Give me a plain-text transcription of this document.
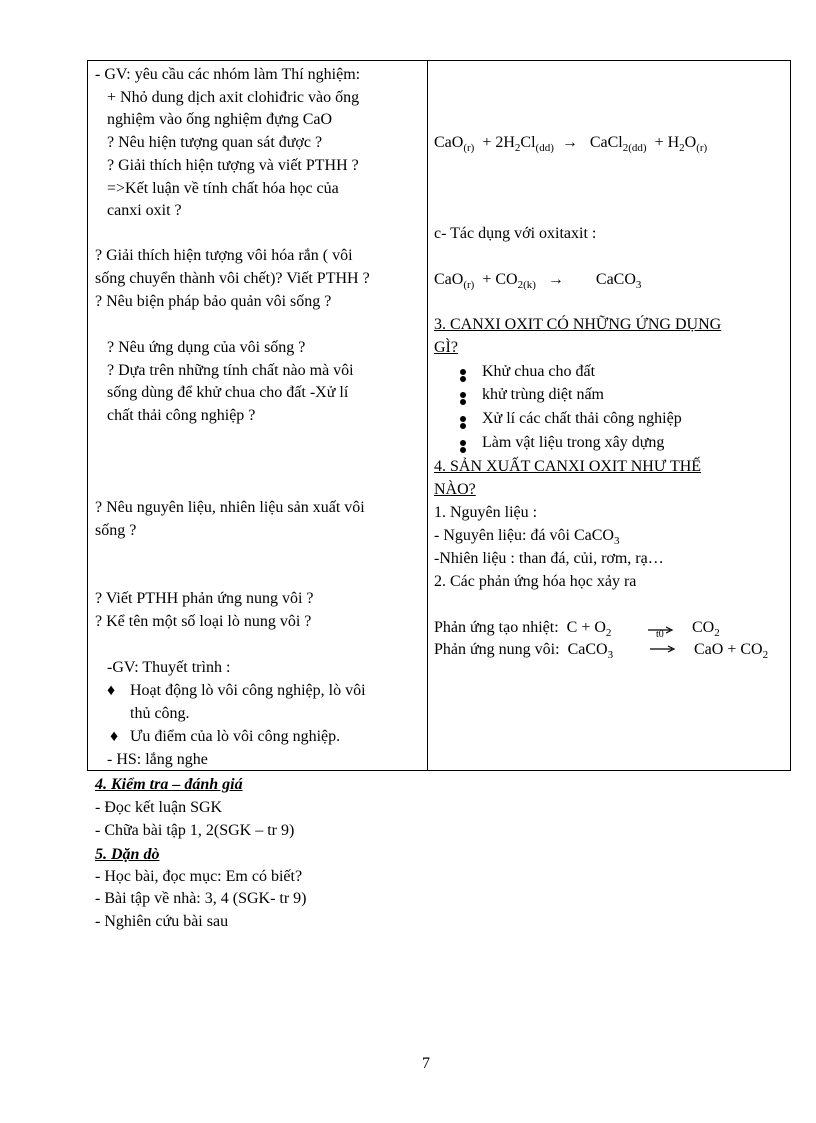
- GV: yêu cầu các nhóm làm Thí nghiệm:
+ Nhỏ dung dịch axit clohiđric vào ống
nghiệm vào ống nghiệm đựng CaO
? Nêu hiện tượng quan sát được ?
? Giải thích hiện tượng và viết PTHH ?
=>Kết luận về tính chất hóa học của
canxi oxit ?
? Giải thích hiện tượng vôi hóa rắn ( vôi
sống chuyển thành vôi chết)? Viết PTHH ?
? Nêu biện pháp bảo quản vôi sống ?
? Nêu ứng dụng của vôi sống ?
? Dựa trên những tính chất nào mà vôi
sống dùng để khử chua cho đất -Xử lí
chất thải công nghiệp ?
? Nêu nguyên liệu, nhiên liệu sản xuất vôi
sống ?
? Viết PTHH phản ứng nung vôi ?
? Kể tên một số loại lò nung vôi ?
-GV: Thuyết trình :
♦ Hoạt động lò vôi công nghiệp, lò vôi
thủ công.
♦ Ưu điểm của lò vôi công nghiệp.
- HS: lắng nghe
$CaO_{(r)} + 2H_2Cl_{(dd)}$ → CaCl$_{2(dd)}$ + $H_2O_{(r)}$
c- Tác dụng với oxitaxit :
$CaO_{(r)} + CO_{2(k)}$ → CaCO$_3$
3. CANXI OXIT CÓ NHỮNG ỨNG DỤNG
GÌ?
Khử chua cho đất
khử trùng diệt nấm
Xử lí các chất thải công nghiệp
Làm vật liệu trong xây dựng
4. SẢN XUẤT CANXI OXIT NHƯ THẾ
NÀO?
1. Nguyên liệu :
- Nguyên liệu: đá vôi CaCO$_3$
-Nhiên liệu : than đá, củi, rơm, rạ…
2. Các phản ứng hóa học xảy ra
Phản ứng tạo nhiệt: $C + O_2$	t0 $CO_2$
Phản ứng nung vôi: CaCO$_3$ → CaO + $CO_2$
4. Kiểm tra – đánh giá
- Đọc kết luận SGK
- Chữa bài tập 1, 2(SGK – tr 9)
5. Dặn dò
- Học bài, đọc mục: Em có biết?
- Bài tập về nhà: 3, 4 (SGK- tr 9)
- Nghiên cứu bài sau
7
